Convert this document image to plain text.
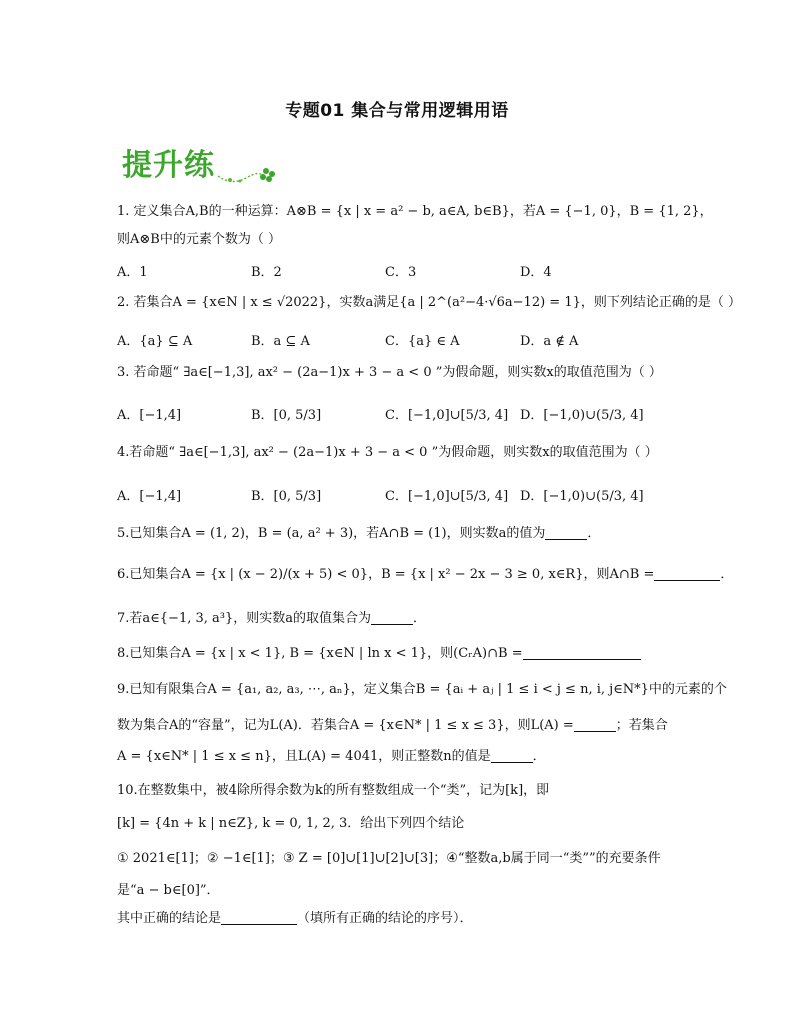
专题01 集合与常用逻辑用语
提升练
1. 定义集合A,B的一种运算：A⊗B = {x | x = a² − b, a∈A, b∈B}，若A = {−1, 0}，B = {1, 2}，
则A⊗B中的元素个数为（ ）
A．1	B．2	C．3	D．4
2. 若集合A = {x∈N | x ≤ √2022}，实数a满足{a | 2^(a²−4·√6a−12) = 1}，则下列结论正确的是（ ）
A．{a} ⊆ A	B．a ⊆ A	C．{a} ∈ A	D．a ∉ A
3. 若命题“ ∃a∈[−1,3], ax² − (2a−1)x + 3 − a < 0 ”为假命题，则实数x的取值范围为（ ）
A．[−1,4]	B．[0, 5/3]	C．[−1,0]∪[5/3, 4] D．[−1,0)∪(5/3, 4]
4.若命题“ ∃a∈[−1,3], ax² − (2a−1)x + 3 − a < 0 ”为假命题，则实数x的取值范围为（ ）
A．[−1,4]	B．[0, 5/3]	C．[−1,0]∪[5/3, 4] D．[−1,0)∪(5/3, 4]
5.已知集合A = (1, 2)，B = (a, a² + 3)，若A∩B = (1)，则实数a的值为	．
6.已知集合A = {x | (x − 2)/(x + 5) < 0}，B = {x | x² − 2x − 3 ≥ 0, x∈R}，则A∩B =	．
7.若a∈{−1, 3, a³}，则实数a的取值集合为	．
8.已知集合A = {x | x < 1}, B = {x∈N | ln x < 1}，则(CᵣA)∩B =
9.已知有限集合A = {a₁, a₂, a₃, ⋯, aₙ}，定义集合B = {aᵢ + aⱼ | 1 ≤ i < j ≤ n, i, j∈N*}中的元素的个
数为集合A的“容量”，记为L(A)．若集合A = {x∈N* | 1 ≤ x ≤ 3}，则L(A) =	；若集合
A = {x∈N* | 1 ≤ x ≤ n}，且L(A) = 4041，则正整数n的值是	．
10.在整数集中，被4除所得余数为k的所有整数组成一个“类”，记为[k]，即
[k] = {4n + k | n∈Z}, k = 0, 1, 2, 3．给出下列四个结论
① 2021∈[1]；② −1∈[1]；③ Z = [0]∪[1]∪[2]∪[3]；④“整数a,b属于同一“类””的充要条件
是“a − b∈[0]”．
其中正确的结论是	（填所有正确的结论的序号）．
